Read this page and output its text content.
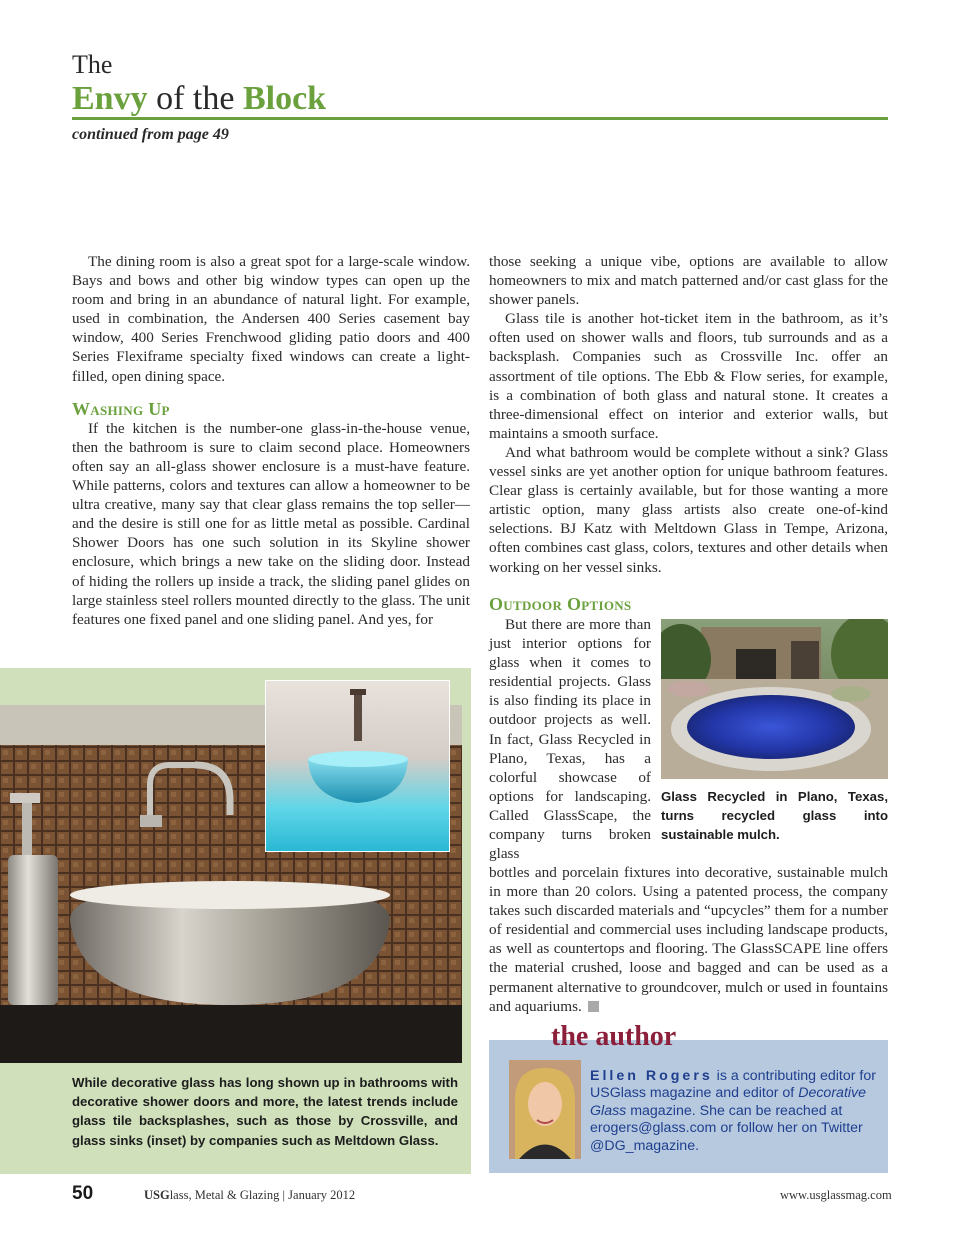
The
Envy of the Block
continued from page 49

The dining room is also a great spot for a large-scale window. Bays and bows and other big window types can open up the room and bring in an abundance of natural light. For example, used in combination, the Andersen 400 Series casement bay window, 400 Series Frenchwood gliding patio doors and 400 Series Flexiframe specialty fixed windows can create a light-filled, open dining space.

Washing Up

If the kitchen is the number-one glass-in-the-house venue, then the bathroom is sure to claim second place. Homeowners often say an all-glass shower enclosure is a must-have feature. While patterns, colors and textures can allow a homeowner to be ultra creative, many say that clear glass remains the top seller—and the desire is still one for as little metal as possible. Cardinal Shower Doors has one such solution in its Skyline shower enclosure, which brings a new take on the sliding door. Instead of hiding the rollers up inside a track, the sliding panel glides on large stainless steel rollers mounted directly to the glass. The unit features one fixed panel and one sliding panel. And yes, for

those seeking a unique vibe, options are available to allow homeowners to mix and match patterned and/or cast glass for the shower panels.

Glass tile is another hot-ticket item in the bathroom, as it’s often used on shower walls and floors, tub surrounds and as a backsplash. Companies such as Crossville Inc. offer an assortment of tile options. The Ebb & Flow series, for example, is a combination of both glass and natural stone. It creates a three-dimensional effect on interior and exterior walls, but maintains a smooth surface.

And what bathroom would be complete without a sink? Glass vessel sinks are yet another option for unique bathroom features. Clear glass is certainly available, but for those wanting a more artistic option, many glass artists also create one-of-kind selections. BJ Katz with Meltdown Glass in Tempe, Arizona, often combines cast glass, colors, textures and other details when working on her vessel sinks.

Outdoor Options

But there are more than just interior options for glass when it comes to residential projects. Glass is also finding its place in outdoor projects as well. In fact, Glass Recycled in Plano, Texas, has a colorful showcase of options for landscaping. Called GlassScape, the company turns broken glass

bottles and porcelain fixtures into decorative, sustainable mulch in more than 20 colors. Using a patented process, the company takes such discarded materials and “upcycles” them for a number of residential and commercial uses including landscape products, as well as countertops and flooring. The GlassSCAPE line offers the material crushed, loose and bagged and can be used as a permanent alternative to groundcover, mulch or used in fountains and aquariums.

Glass Recycled in Plano, Texas, turns recycled glass into sustainable mulch.
While decorative glass has long shown up in bathrooms with decorative shower doors and more, the latest trends include glass tile backsplashes, such as those by Crossville, and glass sinks (inset) by companies such as Meltdown Glass.
the author
Ellen Rogers is a contributing editor for USGlass magazine and editor of Decorative Glass magazine. She can be reached at erogers@glass.com or follow her on Twitter @DG_magazine.
50	USGlass, Metal & Glazing | January 2012	www.usglassmag.com
